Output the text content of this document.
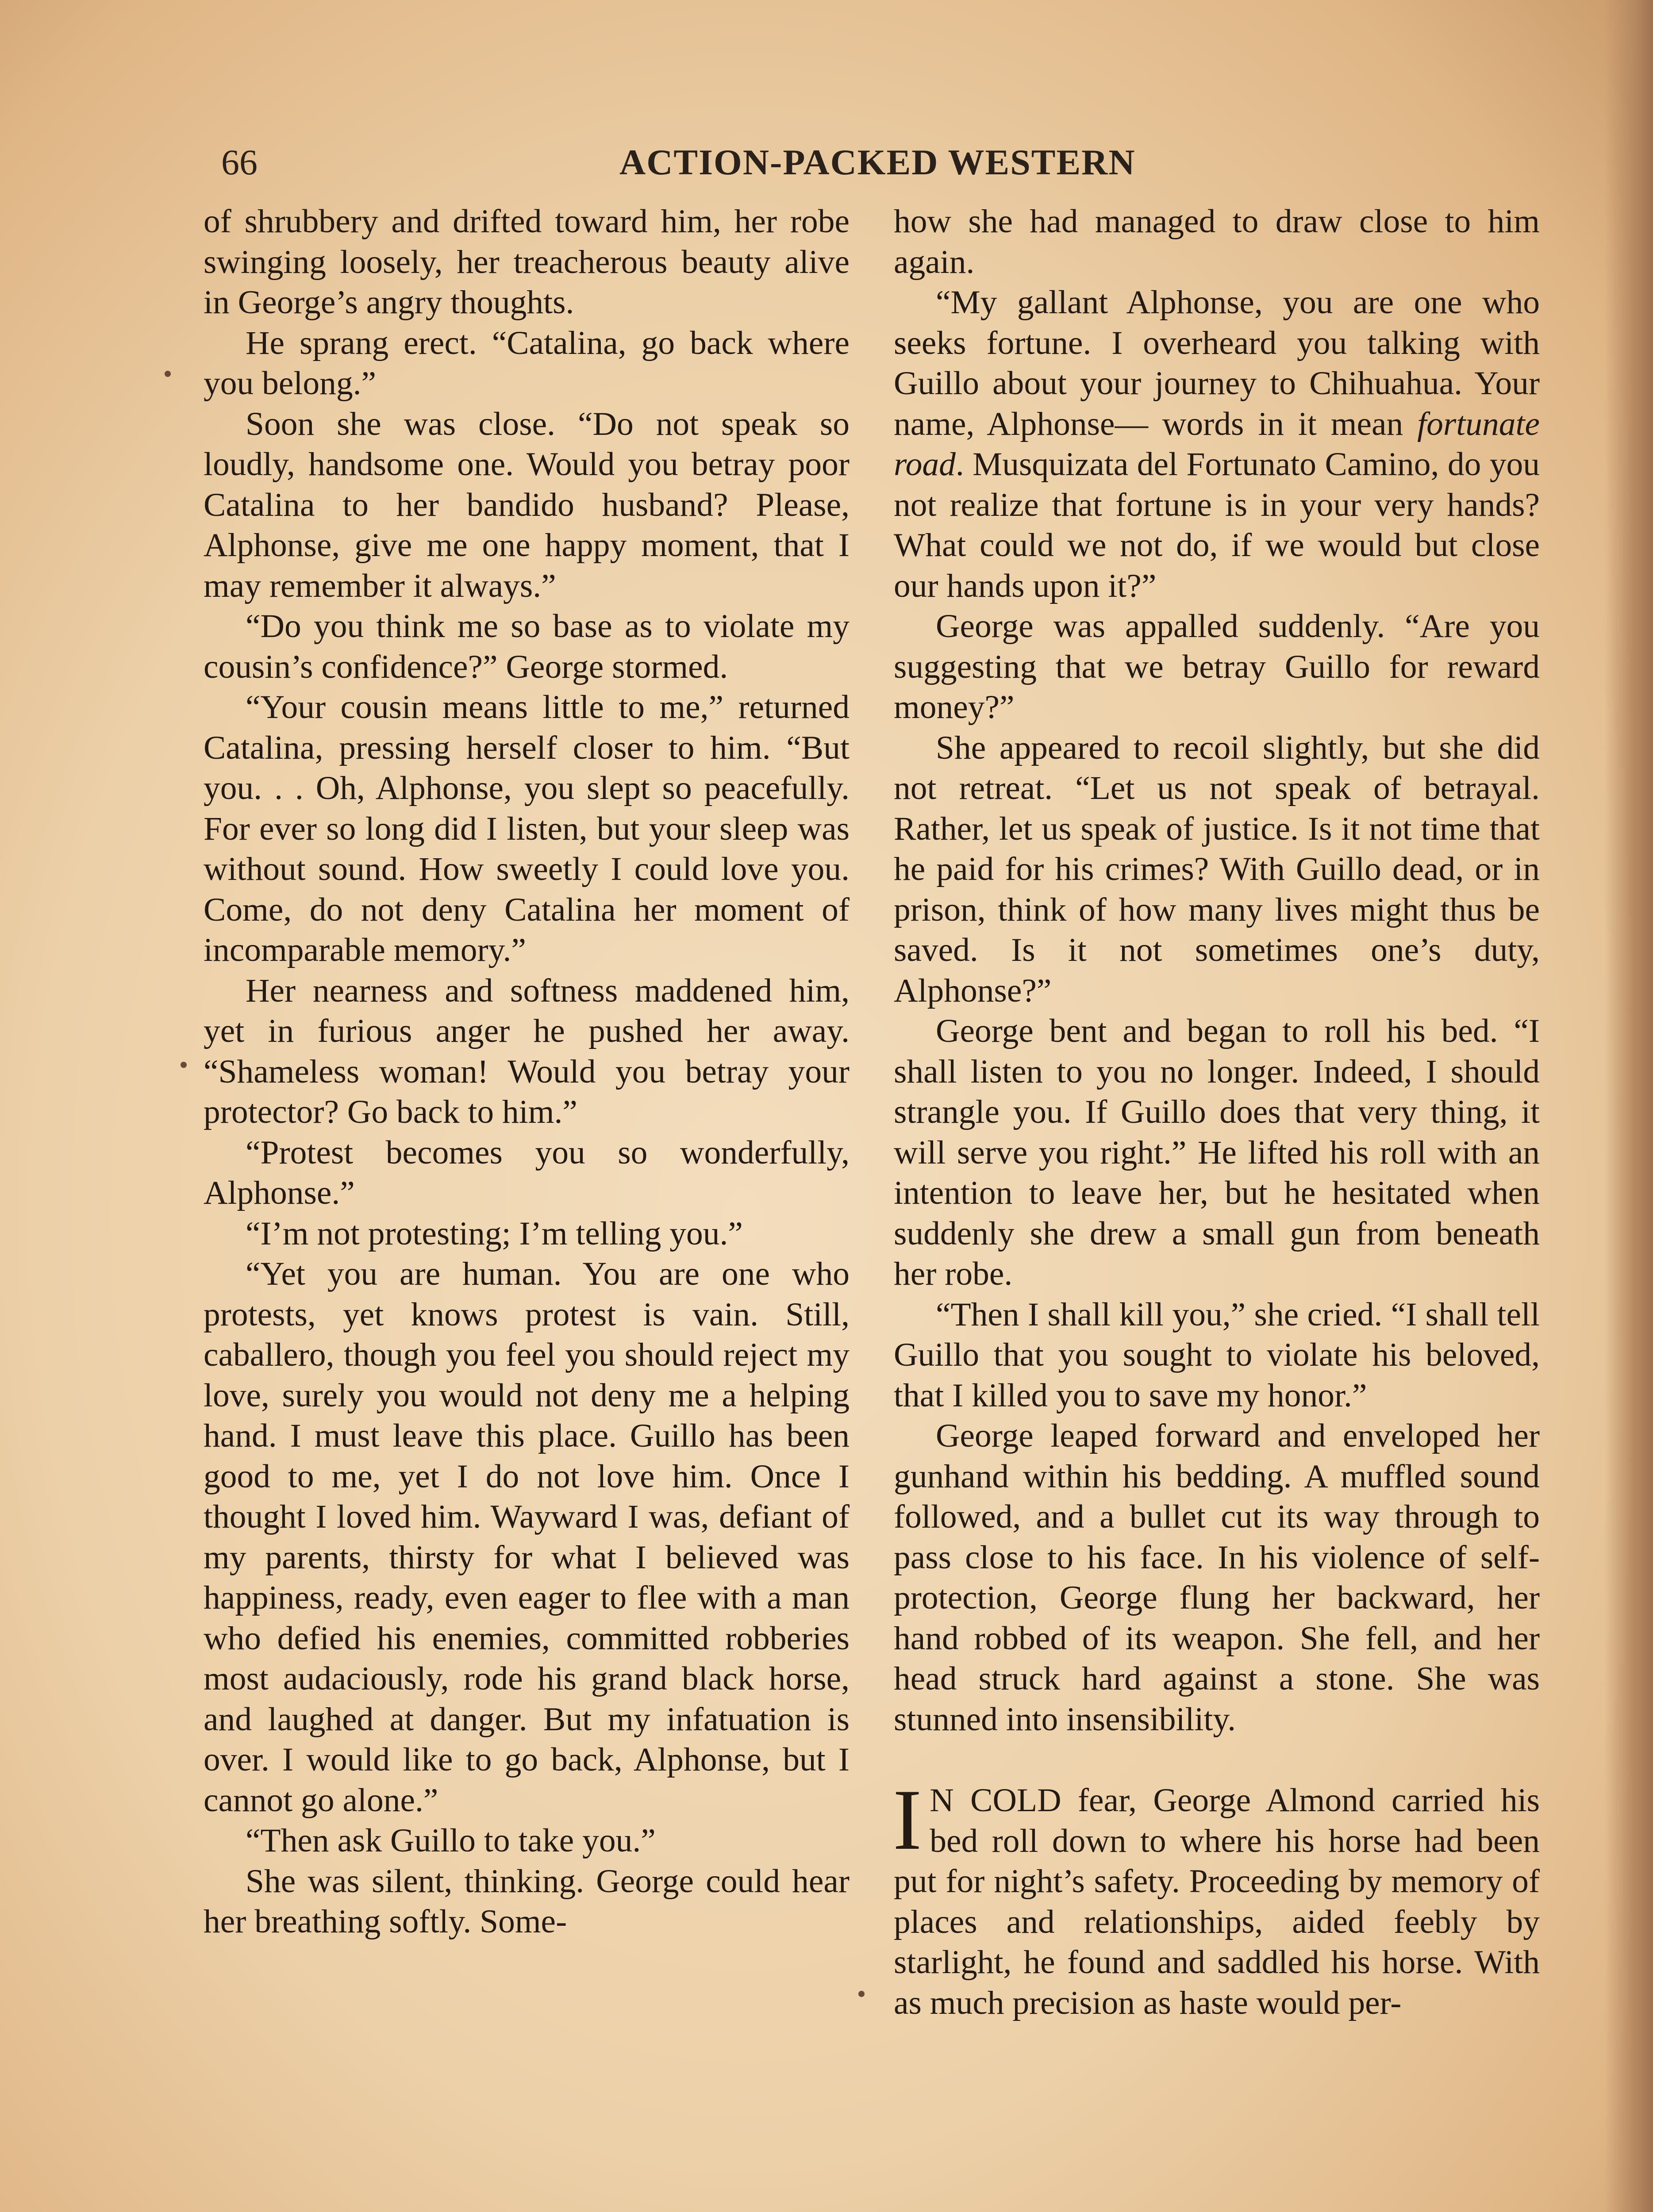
66	ACTION-PACKED WESTERN

of shrubbery and drifted toward him, her robe swinging loosely, her treacherous beauty alive in George’s angry thoughts.

He sprang erect. “Catalina, go back where you belong.”

Soon she was close. “Do not speak so loudly, handsome one. Would you betray poor Catalina to her bandido husband? Please, Alphonse, give me one happy moment, that I may remember it always.”

“Do you think me so base as to violate my cousin’s confidence?” George stormed.

“Your cousin means little to me,” returned Catalina, pressing herself closer to him. “But you. . . Oh, Alphonse, you slept so peacefully. For ever so long did I listen, but your sleep was without sound. How sweetly I could love you. Come, do not deny Catalina her moment of incomparable memory.”

Her nearness and softness maddened him, yet in furious anger he pushed her away. “Shameless woman! Would you betray your protector? Go back to him.”

“Protest becomes you so wonderfully, Alphonse.”

“I’m not protesting; I’m telling you.”

“Yet you are human. You are one who protests, yet knows protest is vain. Still, caballero, though you feel you should reject my love, surely you would not deny me a helping hand. I must leave this place. Guillo has been good to me, yet I do not love him. Once I thought I loved him. Wayward I was, defiant of my parents, thirsty for what I believed was happiness, ready, even eager to flee with a man who defied his enemies, committed robberies most audaciously, rode his grand black horse, and laughed at danger. But my infatuation is over. I would like to go back, Alphonse, but I cannot go alone.”

“Then ask Guillo to take you.”

She was silent, thinking. George could hear her breathing softly. Some-

how she had managed to draw close to him again.

“My gallant Alphonse, you are one who seeks fortune. I overheard you talking with Guillo about your journey to Chihuahua. Your name, Alphonse— words in it mean fortunate road. Musquizata del Fortunato Camino, do you not realize that fortune is in your very hands? What could we not do, if we would but close our hands upon it?”

George was appalled suddenly. “Are you suggesting that we betray Guillo for reward money?”

She appeared to recoil slightly, but she did not retreat. “Let us not speak of betrayal. Rather, let us speak of justice. Is it not time that he paid for his crimes? With Guillo dead, or in prison, think of how many lives might thus be saved. Is it not sometimes one’s duty, Alphonse?”

George bent and began to roll his bed. “I shall listen to you no longer. Indeed, I should strangle you. If Guillo does that very thing, it will serve you right.” He lifted his roll with an intention to leave her, but he hesitated when suddenly she drew a small gun from beneath her robe.

“Then I shall kill you,” she cried. “I shall tell Guillo that you sought to violate his beloved, that I killed you to save my honor.”

George leaped forward and enveloped her gunhand within his bedding. A muffled sound followed, and a bullet cut its way through to pass close to his face. In his violence of self-protection, George flung her backward, her hand robbed of its weapon. She fell, and her head struck hard against a stone. She was stunned into insensibility.

I N COLD fear, George Almond carried his bed roll down to where his horse had been put for night’s safety. Proceeding by memory of places and relationships, aided feebly by starlight, he found and saddled his horse. With as much precision as haste would per-
